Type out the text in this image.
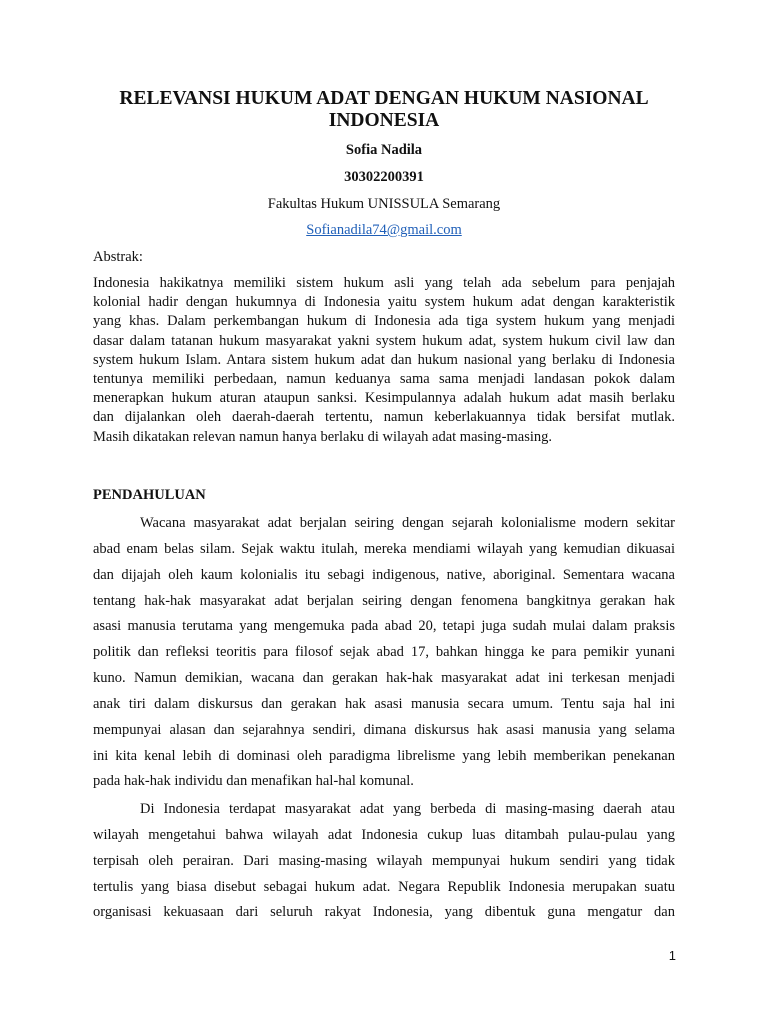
RELEVANSI HUKUM ADAT DENGAN HUKUM NASIONAL
INDONESIA
Sofia Nadila
30302200391
Fakultas Hukum UNISSULA Semarang
Sofianadila74@gmail.com
Abstrak:
Indonesia hakikatnya memiliki sistem hukum asli yang telah ada sebelum para penjajah
kolonial hadir dengan hukumnya di Indonesia yaitu system hukum adat dengan karakteristik
yang khas. Dalam perkembangan hukum di Indonesia ada tiga system hukum yang menjadi
dasar dalam tatanan hukum masyarakat yakni system hukum adat, system hukum civil law dan
system hukum Islam. Antara sistem hukum adat dan hukum nasional yang berlaku di Indonesia
tentunya memiliki perbedaan, namun keduanya sama sama menjadi landasan pokok dalam
menerapkan hukum aturan ataupun sanksi. Kesimpulannya adalah hukum adat masih berlaku
dan dijalankan oleh daerah-daerah tertentu, namun keberlakuannya tidak bersifat mutlak.
Masih dikatakan relevan namun hanya berlaku di wilayah adat masing-masing.
PENDAHULUAN
Wacana masyarakat adat berjalan seiring dengan sejarah kolonialisme modern sekitar
abad enam belas silam. Sejak waktu itulah, mereka mendiami wilayah yang kemudian dikuasai
dan dijajah oleh kaum kolonialis itu sebagi indigenous, native, aboriginal. Sementara wacana
tentang hak-hak masyarakat adat berjalan seiring dengan fenomena bangkitnya gerakan hak
asasi manusia terutama yang mengemuka pada abad 20, tetapi juga sudah mulai dalam praksis
politik dan refleksi teoritis para filosof sejak abad 17, bahkan hingga ke para pemikir yunani
kuno. Namun demikian, wacana dan gerakan hak-hak masyarakat adat ini terkesan menjadi
anak tiri dalam diskursus dan gerakan hak asasi manusia secara umum. Tentu saja hal ini
mempunyai alasan dan sejarahnya sendiri, dimana diskursus hak asasi manusia yang selama
ini kita kenal lebih di dominasi oleh paradigma librelisme yang lebih memberikan penekanan
pada hak-hak individu dan menafikan hal-hal komunal.
Di Indonesia terdapat masyarakat adat yang berbeda di masing-masing daerah atau
wilayah mengetahui bahwa wilayah adat Indonesia cukup luas ditambah pulau-pulau yang
terpisah oleh perairan. Dari masing-masing wilayah mempunyai hukum sendiri yang tidak
tertulis yang biasa disebut sebagai hukum adat. Negara Republik Indonesia merupakan suatu
organisasi kekuasaan dari seluruh rakyat Indonesia, yang dibentuk guna mengatur dan
1
